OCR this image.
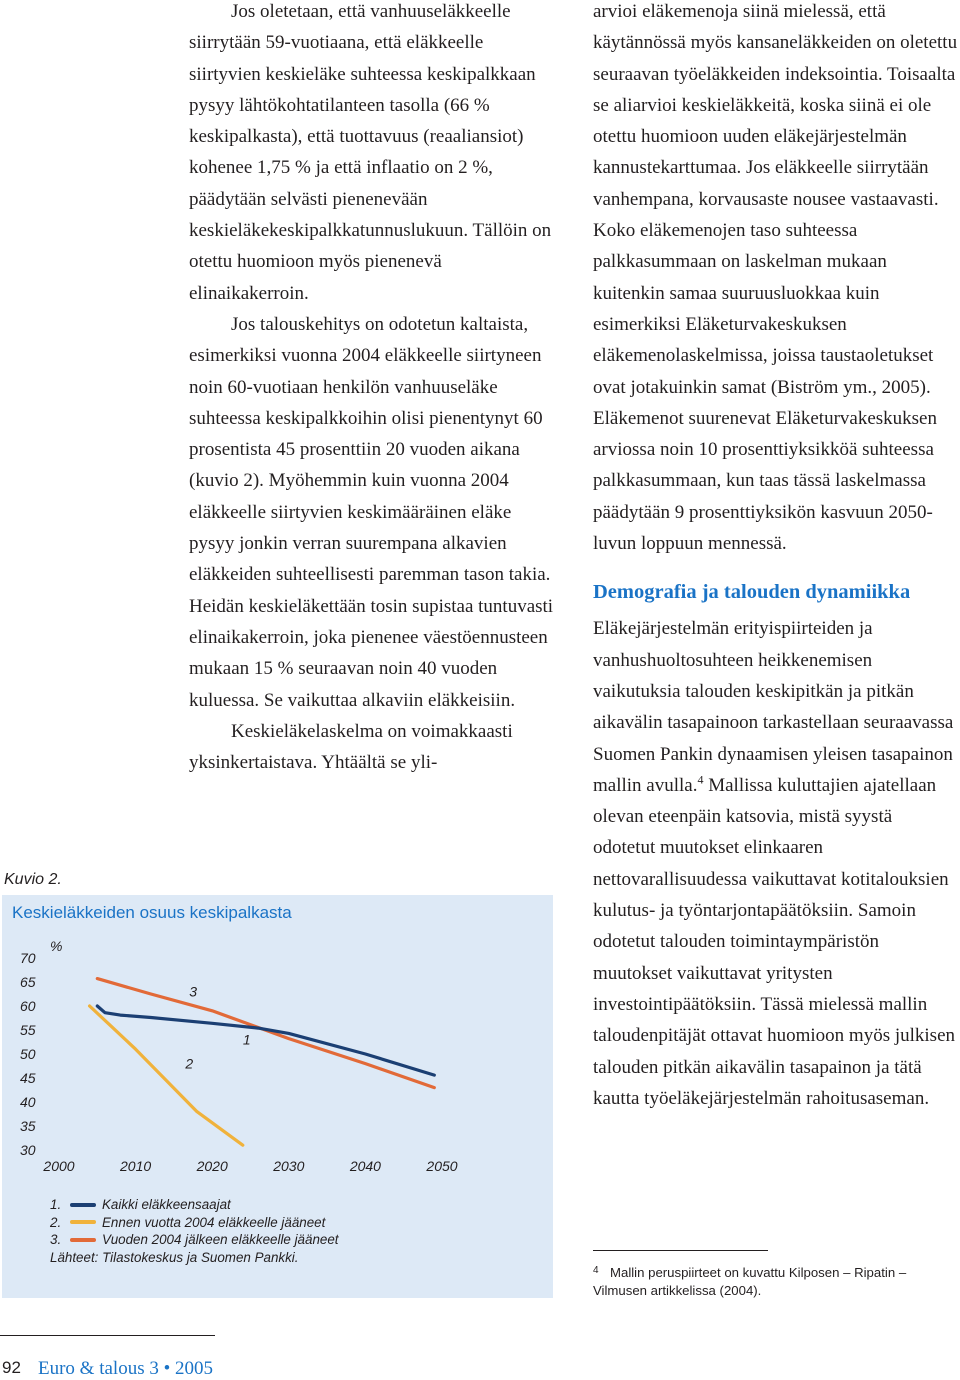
Jos oletetaan, että vanhuuseläkkeelle siirrytään 59-vuotiaana, että eläkkeelle siirtyvien keskieläke suhteessa keskipalkkaan pysyy lähtökohtatilanteen tasolla (66 % keskipalkasta), että tuottavuus (reaaliansiot) kohenee 1,75 % ja että inflaatio on 2 %, päädytään selvästi pienenevään keskieläkekeskipalkkatunnuslukuun. Tällöin on otettu huomioon myös pienenevä elinaikakerroin.

Jos talouskehitys on odotetun kaltaista, esimerkiksi vuonna 2004 eläkkeelle siirtyneen noin 60-vuotiaan henkilön vanhuuseläke suhteessa keskipalkkoihin olisi pienentynyt 60 prosentista 45 prosenttiin 20 vuoden aikana (kuvio 2). Myöhemmin kuin vuonna 2004 eläkkeelle siirtyvien keskimääräinen eläke pysyy jonkin verran suurempana alkavien eläkkeiden suhteellisesti paremman tason takia. Heidän keskieläkettään tosin supistaa tuntuvasti elinaikakerroin, joka pienenee väestöennusteen mukaan 15 % seuraavan noin 40 vuoden kuluessa. Se vaikuttaa alkaviin eläkkeisiin.

Keskieläkelaskelma on voimakkaasti yksinkertaistava. Yhtäältä se yli-

arvioi eläkemenoja siinä mielessä, että käytännössä myös kansaneläkkeiden on oletettu seuraavan työeläkkeiden indeksointia. Toisaalta se aliarvioi keskieläkkeitä, koska siinä ei ole otettu huomioon uuden eläkejärjestelmän kannustekarttumaa. Jos eläkkeelle siirrytään vanhempana, korvausaste nousee vastaavasti. Koko eläkemenojen taso suhteessa palkkasummaan on laskelman mukaan kuitenkin samaa suuruusluokkaa kuin esimerkiksi Eläketurvakeskuksen eläkemenolaskelmissa, joissa taustaoletukset ovat jotakuinkin samat (Biström ym., 2005). Eläkemenot suurenevat Eläketurvakeskuksen arviossa noin 10 prosenttiyksikköä suhteessa palkkasummaan, kun taas tässä laskelmassa päädytään 9 prosenttiyksikön kasvuun 2050-luvun loppuun mennessä.

Demografia ja talouden dynamiikka

Eläkejärjestelmän erityispiirteiden ja vanhushuoltosuhteen heikkenemisen vaikutuksia talouden keskipitkän ja pitkän aikavälin tasapainoon tarkastellaan seuraavassa Suomen Pankin dynaamisen yleisen tasapainon mallin avulla.$^4$ Mallissa kuluttajien ajatellaan olevan eteenpäin katsovia, mistä syystä odotetut muutokset elinkaaren nettovarallisuudessa vaikuttavat kotitalouksien kulutus- ja työntarjontapäätöksiin. Samoin odotetut talouden toimintaympäristön muutokset vaikuttavat yritysten investointipäätöksiin. Tässä mielessä mallin taloudenpitäjät ottavat huomioon myös julkisen talouden pitkän aikavälin tasapainon ja tätä kautta työeläkejärjestelmän rahoitusaseman.

4 Mallin peruspiirteet on kuvattu Kilposen – Ripatin – Vilmusen artikkelissa (2004).
Kuvio 2.
Keskieläkkeiden osuus keskipalkasta
70
65
60
55
50
45
40
35
30
%
2000	2010	2020	2030	2040	2050
1
2
3
1.	Kaikki eläkkeensaajat
2.	Ennen vuotta 2004 eläkkeelle jääneet
3.	Vuoden 2004 jälkeen eläkkeelle jääneet
Lähteet: Tilastokeskus ja Suomen Pankki.
92 Euro & talous 3 • 2005
